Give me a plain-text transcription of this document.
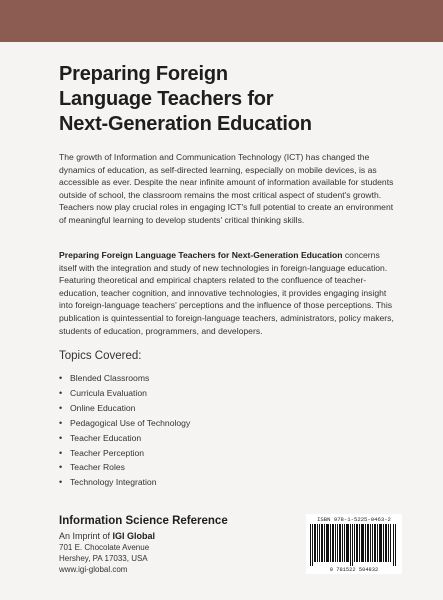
Preparing Foreign
Language Teachers for
Next-Generation Education

The growth of Information and Communication Technology (ICT) has changed the dynamics of education, as self-directed learning, especially on mobile devices, is as accessible as ever. Despite the near infinite amount of information available for students outside of school, the classroom remains the most critical aspect of student's growth. Teachers now play crucial roles in engaging ICT's full potential to create an environment of meaningful learning to develop students' critical thinking skills.

Preparing Foreign Language Teachers for Next-Generation Education concerns itself with the integration and study of new technologies in foreign-language education. Featuring theoretical and empirical chapters related to the confluence of teacher-education, teacher cognition, and innovative technologies, it provides engaging insight into foreign-language teachers' perceptions and the influence of those perceptions. This publication is quintessential to foreign-language teachers, administrators, policy makers, students of education, programmers, and developers.

Topics Covered:
• Blended Classrooms
• Curricula Evaluation
• Online Education
• Pedagogical Use of Technology
• Teacher Education
• Teacher Perception
• Teacher Roles
• Technology Integration
Information Science Reference
An Imprint of IGI Global
701 E. Chocolate Avenue
Hershey, PA 17033, USA
www.igi-global.com
ISBN 978-1-5225-0463-2
9 781522 504832
